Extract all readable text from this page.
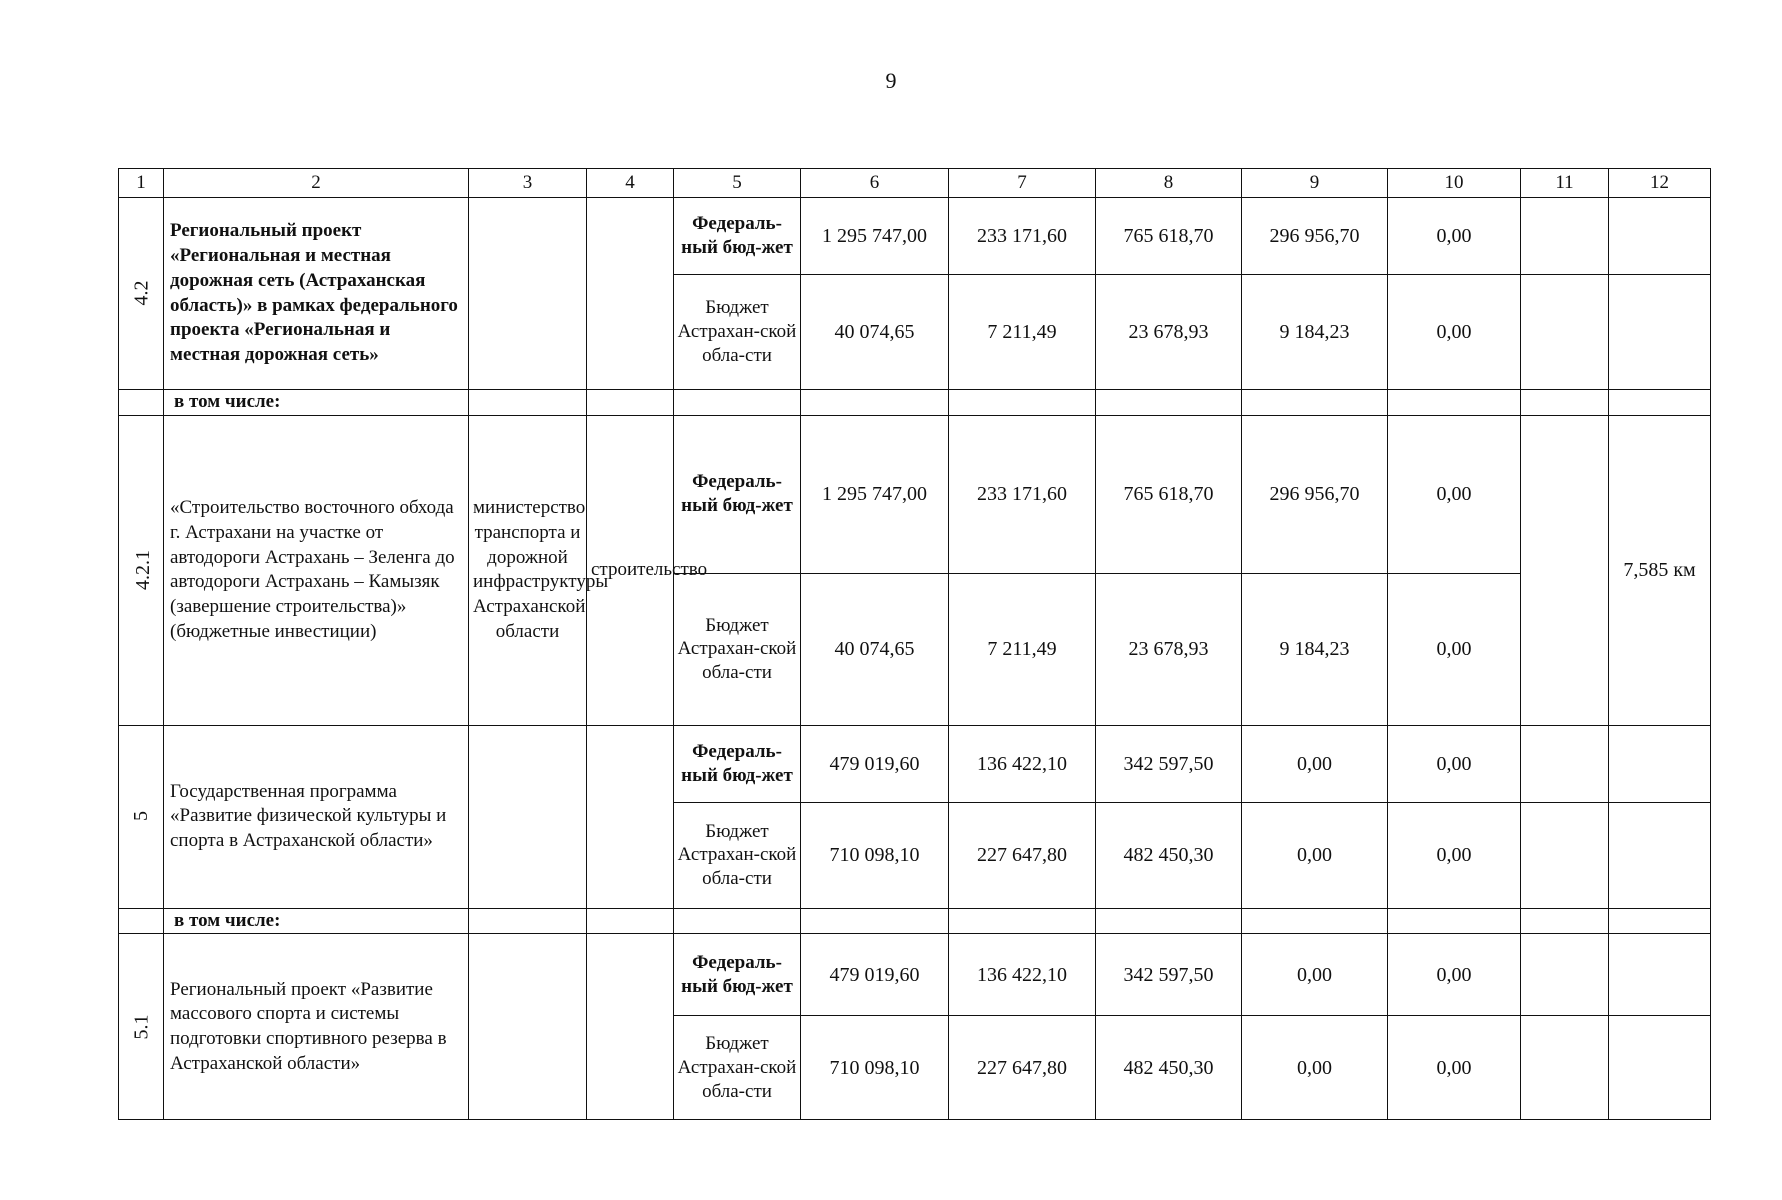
9
1	2	3	4	5	6	7	8	9	10	11	12
4.2	Региональный проект «Региональная и местная дорожная сеть (Астраханская область)» в рамках федерального проекта «Региональная и местная дорожная сеть»			Федераль-ный бюд-жет	1 295 747,00	233 171,60	765 618,70	296 956,70	0,00		
				Бюджет Астрахан-ской обла-сти	40 074,65	7 211,49	23 678,93	9 184,23	0,00		
	в том числе:										
4.2.1	«Строительство восточного обхода г. Астрахани на участке от автодороги Астрахань – Зеленга до автодороги Астрахань – Камызяк (завершение строительства)» (бюджетные инвестиции)	министерство транспорта и дорожной инфраструктуры Астраханской области	строительство	Федераль-ный бюд-жет	1 295 747,00	233 171,60	765 618,70	296 956,70	0,00		7,585 км
				Бюджет Астрахан-ской обла-сти	40 074,65	7 211,49	23 678,93	9 184,23	0,00		
5	Государственная программа «Развитие физической культуры и спорта в Астраханской области»			Федераль-ный бюд-жет	479 019,60	136 422,10	342 597,50	0,00	0,00		
				Бюджет Астрахан-ской обла-сти	710 098,10	227 647,80	482 450,30	0,00	0,00		
	в том числе:										
5.1	Региональный проект «Развитие массового спорта и системы подготовки спортивного резерва в Астраханской области»			Федераль-ный бюд-жет	479 019,60	136 422,10	342 597,50	0,00	0,00		
				Бюджет Астрахан-ской обла-сти	710 098,10	227 647,80	482 450,30	0,00	0,00		
